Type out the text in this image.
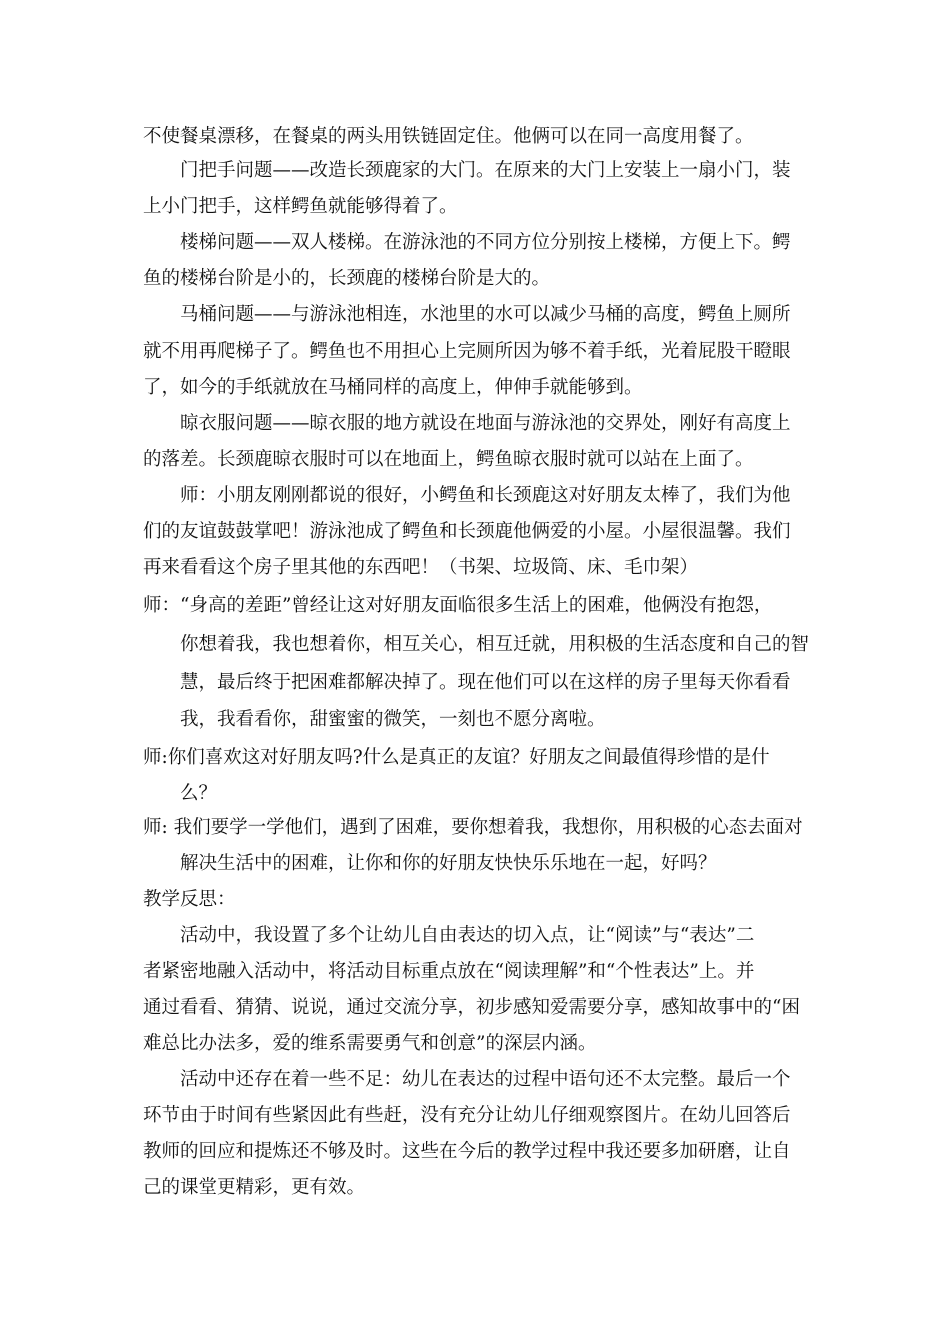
不使餐桌漂移，在餐桌的两头用铁链固定住。他俩可以在同一高度用餐了。
门把手问题——改造长颈鹿家的大门。在原来的大门上安装上一扇小门，装
上小门把手，这样鳄鱼就能够得着了。
楼梯问题——双人楼梯。在游泳池的不同方位分别按上楼梯，方便上下。鳄
鱼的楼梯台阶是小的，长颈鹿的楼梯台阶是大的。
马桶问题——与游泳池相连，水池里的水可以减少马桶的高度，鳄鱼上厕所
就不用再爬梯子了。鳄鱼也不用担心上完厕所因为够不着手纸，光着屁股干瞪眼
了，如今的手纸就放在马桶同样的高度上，伸伸手就能够到。
晾衣服问题——晾衣服的地方就设在地面与游泳池的交界处，刚好有高度上
的落差。长颈鹿晾衣服时可以在地面上，鳄鱼晾衣服时就可以站在上面了。
师：小朋友刚刚都说的很好，小鳄鱼和长颈鹿这对好朋友太棒了，我们为他
们的友谊鼓鼓掌吧！游泳池成了鳄鱼和长颈鹿他俩爱的小屋。小屋很温馨。我们
再来看看这个房子里其他的东西吧！（书架、垃圾筒、床、毛巾架）
师：“身高的差距”曾经让这对好朋友面临很多生活上的困难，他俩没有抱怨，
你想着我，我也想着你，相互关心，相互迁就，用积极的生活态度和自己的智
慧，最后终于把困难都解决掉了。现在他们可以在这样的房子里每天你看看
我，我看看你，甜蜜蜜的微笑，一刻也不愿分离啦。
师:你们喜欢这对好朋友吗?什么是真正的友谊？好朋友之间最值得珍惜的是什
么？
师: 我们要学一学他们，遇到了困难，要你想着我，我想你，用积极的心态去面对
解决生活中的困难，让你和你的好朋友快快乐乐地在一起，好吗？
教学反思：
活动中，我设置了多个让幼儿自由表达的切入点，让“阅读”与“表达”二
者紧密地融入活动中，将活动目标重点放在“阅读理解”和“个性表达”上。并
通过看看、猜猜、说说，通过交流分享，初步感知爱需要分享，感知故事中的“困
难总比办法多，爱的维系需要勇气和创意”的深层内涵。
活动中还存在着一些不足：幼儿在表达的过程中语句还不太完整。最后一个
环节由于时间有些紧因此有些赶，没有充分让幼儿仔细观察图片。在幼儿回答后
教师的回应和提炼还不够及时。这些在今后的教学过程中我还要多加研磨，让自
己的课堂更精彩，更有效。
